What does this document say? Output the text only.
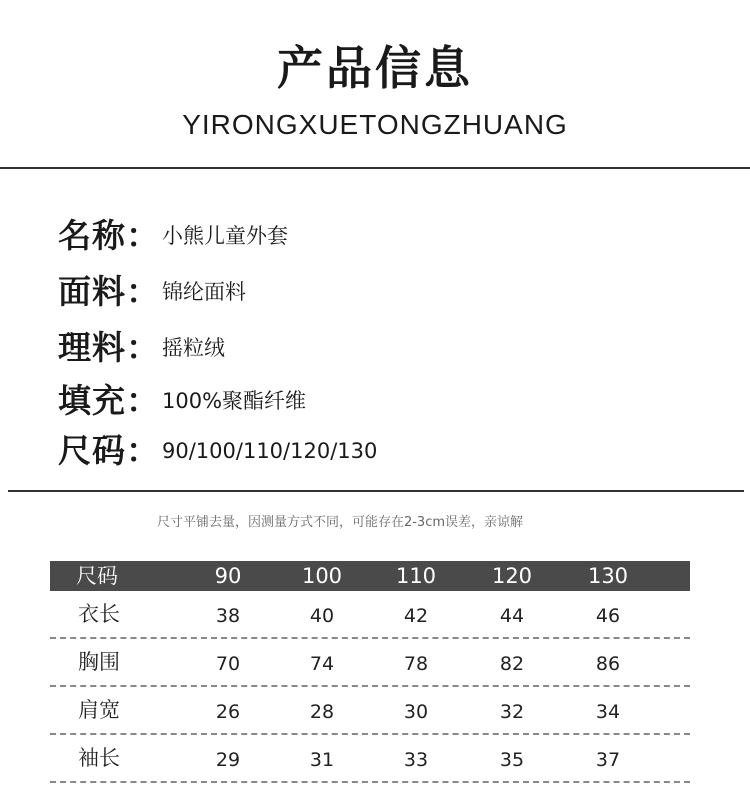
产品信息
YIRONGXUETONGZHUANG
名称： 小熊儿童外套
面料： 锦纶面料
理料： 摇粒绒
填充： 100%聚酯纤维
尺码： 90/100/110/120/130
尺寸平铺去量，因测量方式不同，可能存在2-3cm误差，亲谅解
尺码	90	100	110	120	130
衣长	38	40	42	44	46
胸围	70	74	78	82	86
肩宽	26	28	30	32	34
袖长	29	31	33	35	37
